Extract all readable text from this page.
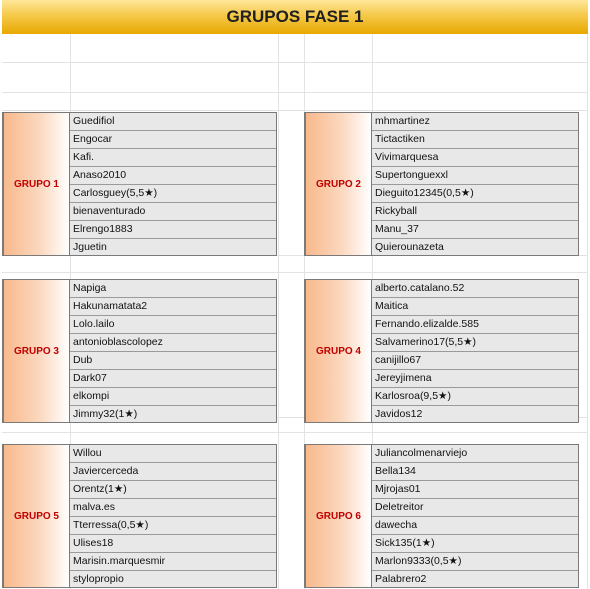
GRUPOS FASE 1
GRUPO 1
Guedifiol
Engocar
Kafi.
Anaso2010
Carlosguey(5,5★)
bienaventurado
Elrengo1883
Jguetin
GRUPO 2
mhmartinez
Tictactiken
Vivimarquesa
Supertonguexxl
Dieguito12345(0,5★)
Rickyball
Manu_37
Quierounazeta
GRUPO 3
Napiga
Hakunamatata2
Lolo.lailo
antonioblascolopez
Dub
Dark07
elkompi
Jimmy32(1★)
GRUPO 4
alberto.catalano.52
Maitica
Fernando.elizalde.585
Salvamerino17(5,5★)
canijillo67
Jereyjimena
Karlosroa(9,5★)
Javidos12
GRUPO 5
Willou
Javiercerceda
Orentz(1★)
malva.es
Tterressa(0,5★)
Ulises18
Marisin.marquesmir
stylopropio
GRUPO 6
Juliancolmenarviejo
Bella134
Mjrojas01
Deletreitor
dawecha
Sick135(1★)
Marlon9333(0,5★)
Palabrero2
